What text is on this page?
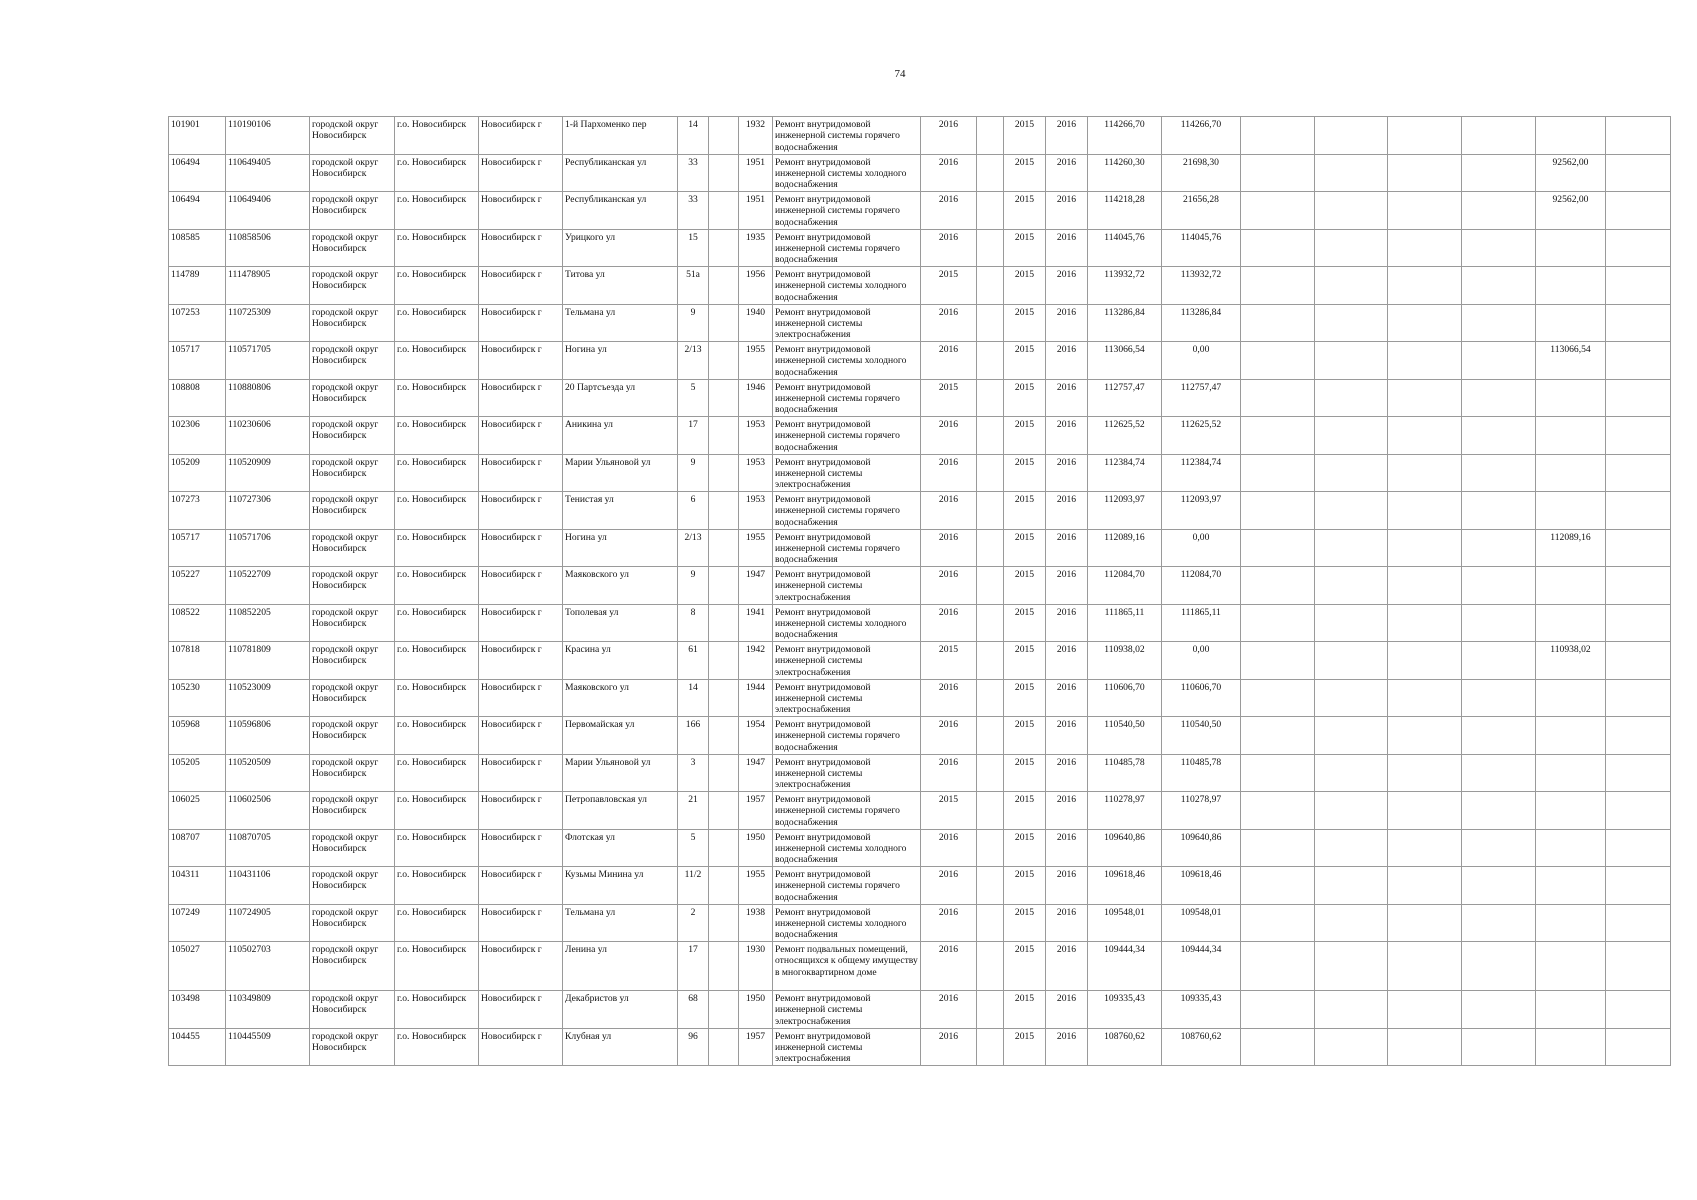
74
101901	110190106	городской округ Новосибирск	г.о. Новосибирск	Новосибирск г	1-й Пархоменко пер	14		1932	Ремонт внутридомовой инженерной системы горячего водоснабжения	2016		2015	2016	114266,70	114266,70						
106494	110649405	городской округ Новосибирск	г.о. Новосибирск	Новосибирск г	Республиканская ул	33		1951	Ремонт внутридомовой инженерной системы холодного водоснабжения	2016		2015	2016	114260,30	21698,30					92562,00	
106494	110649406	городской округ Новосибирск	г.о. Новосибирск	Новосибирск г	Республиканская ул	33		1951	Ремонт внутридомовой инженерной системы горячего водоснабжения	2016		2015	2016	114218,28	21656,28					92562,00	
108585	110858506	городской округ Новосибирск	г.о. Новосибирск	Новосибирск г	Урицкого ул	15		1935	Ремонт внутридомовой инженерной системы горячего водоснабжения	2016		2015	2016	114045,76	114045,76						
114789	111478905	городской округ Новосибирск	г.о. Новосибирск	Новосибирск г	Титова ул	51а		1956	Ремонт внутридомовой инженерной системы холодного водоснабжения	2015		2015	2016	113932,72	113932,72						
107253	110725309	городской округ Новосибирск	г.о. Новосибирск	Новосибирск г	Тельмана ул	9		1940	Ремонт внутридомовой инженерной системы электроснабжения	2016		2015	2016	113286,84	113286,84						
105717	110571705	городской округ Новосибирск	г.о. Новосибирск	Новосибирск г	Ногина ул	2/13		1955	Ремонт внутридомовой инженерной системы холодного водоснабжения	2016		2015	2016	113066,54	0,00					113066,54	
108808	110880806	городской округ Новосибирск	г.о. Новосибирск	Новосибирск г	20 Партсъезда ул	5		1946	Ремонт внутридомовой инженерной системы горячего водоснабжения	2015		2015	2016	112757,47	112757,47						
102306	110230606	городской округ Новосибирск	г.о. Новосибирск	Новосибирск г	Аникина ул	17		1953	Ремонт внутридомовой инженерной системы горячего водоснабжения	2016		2015	2016	112625,52	112625,52						
105209	110520909	городской округ Новосибирск	г.о. Новосибирск	Новосибирск г	Марии Ульяновой ул	9		1953	Ремонт внутридомовой инженерной системы электроснабжения	2016		2015	2016	112384,74	112384,74						
107273	110727306	городской округ Новосибирск	г.о. Новосибирск	Новосибирск г	Тенистая ул	6		1953	Ремонт внутридомовой инженерной системы горячего водоснабжения	2016		2015	2016	112093,97	112093,97						
105717	110571706	городской округ Новосибирск	г.о. Новосибирск	Новосибирск г	Ногина ул	2/13		1955	Ремонт внутридомовой инженерной системы горячего водоснабжения	2016		2015	2016	112089,16	0,00					112089,16	
105227	110522709	городской округ Новосибирск	г.о. Новосибирск	Новосибирск г	Маяковского ул	9		1947	Ремонт внутридомовой инженерной системы электроснабжения	2016		2015	2016	112084,70	112084,70						
108522	110852205	городской округ Новосибирск	г.о. Новосибирск	Новосибирск г	Тополевая ул	8		1941	Ремонт внутридомовой инженерной системы холодного водоснабжения	2016		2015	2016	111865,11	111865,11						
107818	110781809	городской округ Новосибирск	г.о. Новосибирск	Новосибирск г	Красина ул	61		1942	Ремонт внутридомовой инженерной системы электроснабжения	2015		2015	2016	110938,02	0,00					110938,02	
105230	110523009	городской округ Новосибирск	г.о. Новосибирск	Новосибирск г	Маяковского ул	14		1944	Ремонт внутридомовой инженерной системы электроснабжения	2016		2015	2016	110606,70	110606,70						
105968	110596806	городской округ Новосибирск	г.о. Новосибирск	Новосибирск г	Первомайская ул	166		1954	Ремонт внутридомовой инженерной системы горячего водоснабжения	2016		2015	2016	110540,50	110540,50						
105205	110520509	городской округ Новосибирск	г.о. Новосибирск	Новосибирск г	Марии Ульяновой ул	3		1947	Ремонт внутридомовой инженерной системы электроснабжения	2016		2015	2016	110485,78	110485,78						
106025	110602506	городской округ Новосибирск	г.о. Новосибирск	Новосибирск г	Петропавловская ул	21		1957	Ремонт внутридомовой инженерной системы горячего водоснабжения	2015		2015	2016	110278,97	110278,97						
108707	110870705	городской округ Новосибирск	г.о. Новосибирск	Новосибирск г	Флотская ул	5		1950	Ремонт внутридомовой инженерной системы холодного водоснабжения	2016		2015	2016	109640,86	109640,86						
104311	110431106	городской округ Новосибирск	г.о. Новосибирск	Новосибирск г	Кузьмы Минина ул	11/2		1955	Ремонт внутридомовой инженерной системы горячего водоснабжения	2016		2015	2016	109618,46	109618,46						
107249	110724905	городской округ Новосибирск	г.о. Новосибирск	Новосибирск г	Тельмана ул	2		1938	Ремонт внутридомовой инженерной системы холодного водоснабжения	2016		2015	2016	109548,01	109548,01						
105027	110502703	городской округ Новосибирск	г.о. Новосибирск	Новосибирск г	Ленина ул	17		1930	Ремонт подвальных помещений, относящихся к общему имуществу в многоквартирном доме	2016		2015	2016	109444,34	109444,34						
103498	110349809	городской округ Новосибирск	г.о. Новосибирск	Новосибирск г	Декабристов ул	68		1950	Ремонт внутридомовой инженерной системы электроснабжения	2016		2015	2016	109335,43	109335,43						
104455	110445509	городской округ Новосибирск	г.о. Новосибирск	Новосибирск г	Клубная ул	96		1957	Ремонт внутридомовой инженерной системы электроснабжения	2016		2015	2016	108760,62	108760,62						
